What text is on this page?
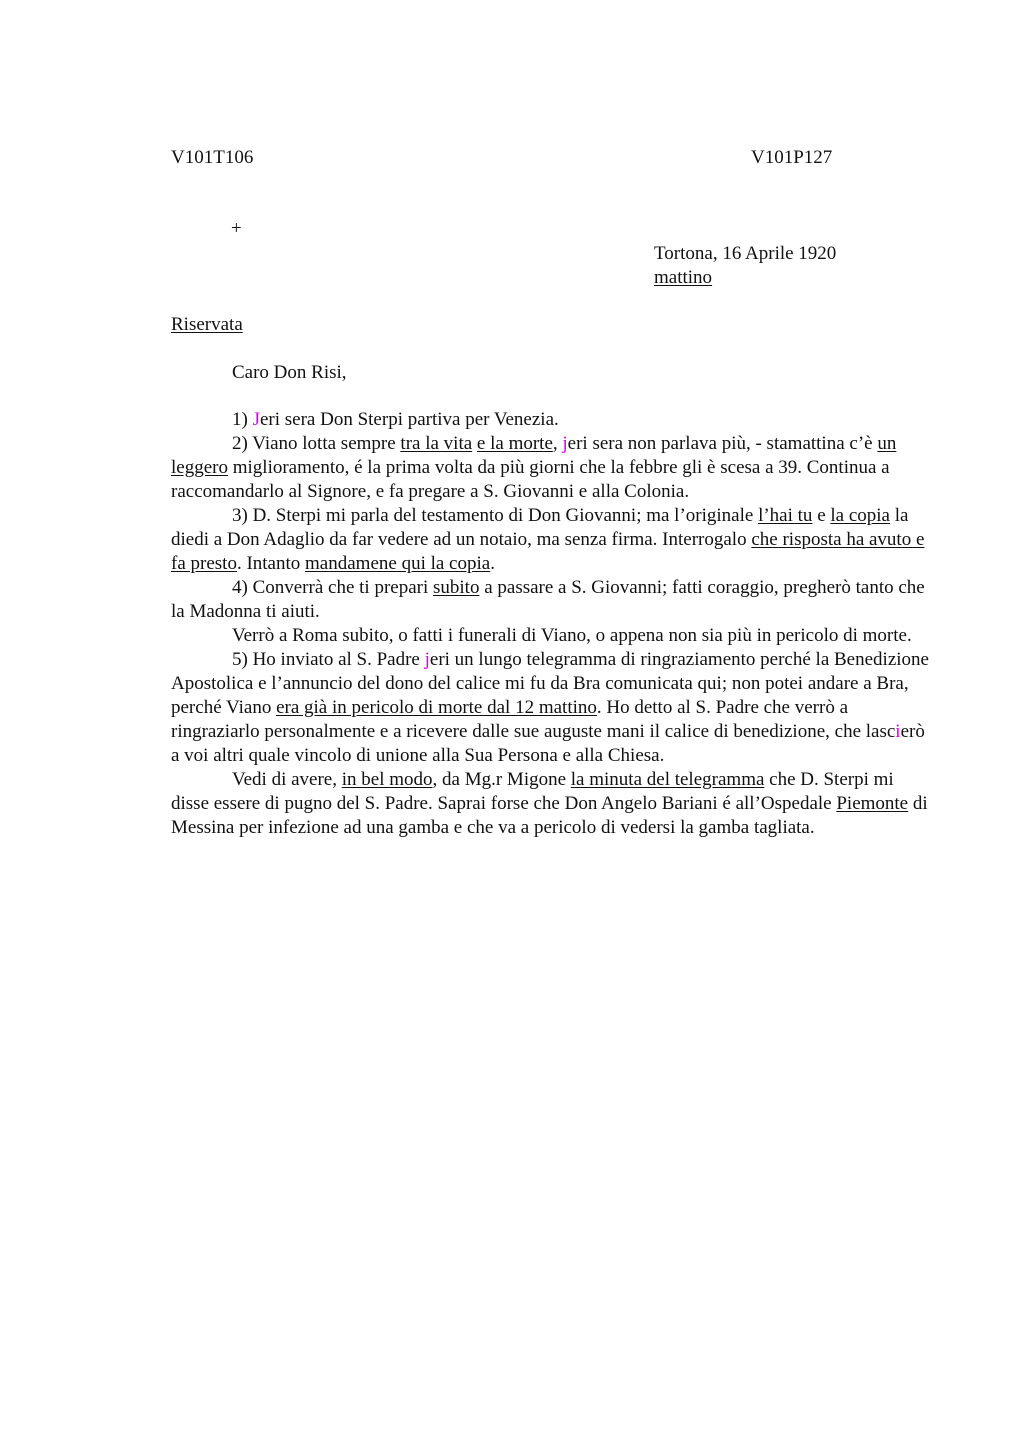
V101T106	V101P127
+
Tortona, 16 Aprile 1920
mattino
Riservata
Caro Don Risi,

1) Jeri sera Don Sterpi partiva per Venezia.

2) Viano lotta sempre tra la vita e la morte, jeri sera non parlava più, - stamattina c’è un leggero miglioramento, é la prima volta da più giorni che la febbre gli è scesa a 39. Continua a raccomandarlo al Signore, e fa pregare a S. Giovanni e alla Colonia.

3) D. Sterpi mi parla del testamento di Don Giovanni; ma l’originale l’hai tu e la copia la diedi a Don Adaglio da far vedere ad un notaio, ma senza firma. Interrogalo che risposta ha avuto e fa presto. Intanto mandamene qui la copia.

4) Converrà che ti prepari subito a passare a S. Giovanni; fatti coraggio, pregherò tanto che la Madonna ti aiuti.

Verrò a Roma subito, o fatti i funerali di Viano, o appena non sia più in pericolo di morte.

5) Ho inviato al S. Padre jeri un lungo telegramma di ringraziamento perché la Benedizione Apostolica e l’annuncio del dono del calice mi fu da Bra comunicata qui; non potei andare a Bra, perché Viano era già in pericolo di morte dal 12 mattino. Ho detto al S. Padre che verrò a ringraziarlo personalmente e a ricevere dalle sue auguste mani il calice di benedizione, che lascierò a voi altri quale vincolo di unione alla Sua Persona e alla Chiesa.

Vedi di avere, in bel modo, da Mg.r Migone la minuta del telegramma che D. Sterpi mi disse essere di pugno del S. Padre. Saprai forse che Don Angelo Bariani é all’Ospedale Piemonte di Messina per infezione ad una gamba e che va a pericolo di vedersi la gamba tagliata.
